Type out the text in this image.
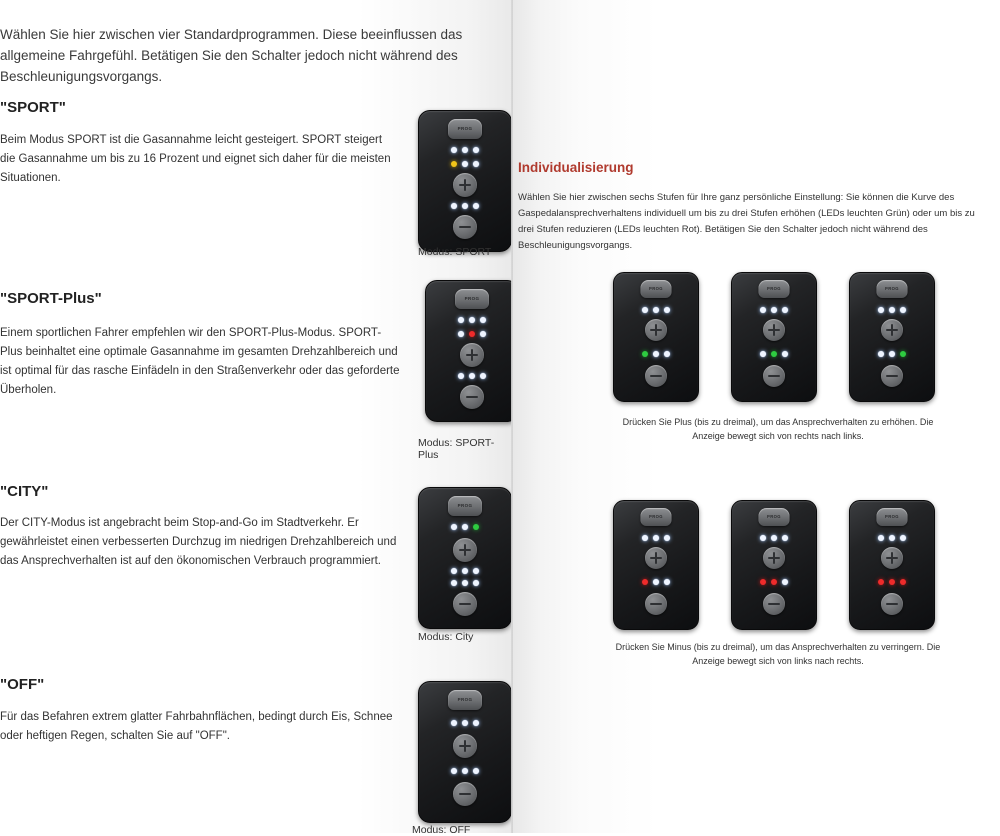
Wählen Sie hier zwischen vier Standardprogrammen. Diese beeinflussen das allgemeine Fahrgefühl. Betätigen Sie den Schalter jedoch nicht während des Beschleunigungsvorgangs.

"SPORT"
Beim Modus SPORT ist die Gasannahme leicht gesteigert. SPORT steigert die Gasannahme um bis zu 16 Prozent und eignet sich daher für die meisten Situationen.
PROG
Modus: SPORT
"SPORT-Plus"
Einem sportlichen Fahrer empfehlen wir den SPORT-Plus-Modus. SPORT-Plus beinhaltet eine optimale Gasannahme im gesamten Drehzahlbereich und ist optimal für das rasche Einfädeln in den Straßenverkehr oder das geforderte Überholen.
PROG
Modus: SPORT-Plus
"CITY"
Der CITY-Modus ist angebracht beim Stop-and-Go im Stadtverkehr. Er gewährleistet einen verbesserten Durchzug im niedrigen Drehzahlbereich und das Ansprechverhalten ist auf den ökonomischen Verbrauch programmiert.
PROG
Modus: City
"OFF"
Für das Befahren extrem glatter Fahrbahnflächen, bedingt durch Eis, Schnee oder heftigen Regen, schalten Sie auf "OFF".
PROG
Modus: OFF
Individualisierung
Wählen Sie hier zwischen sechs Stufen für Ihre ganz persönliche Einstellung: Sie können die Kurve des Gaspedalansprechverhaltens individuell um bis zu drei Stufen erhöhen (LEDs leuchten Grün) oder um bis zu drei Stufen reduzieren (LEDs leuchten Rot). Betätigen Sie den Schalter jedoch nicht während des Beschleunigungsvorgangs.
PROG	PROG	PROG
Drücken Sie Plus (bis zu dreimal), um das Ansprechverhalten zu erhöhen. Die Anzeige bewegt sich von rechts nach links.
PROG	PROG	PROG
Drücken Sie Minus (bis zu dreimal), um das Ansprechverhalten zu verringern. Die Anzeige bewegt sich von links nach rechts.
